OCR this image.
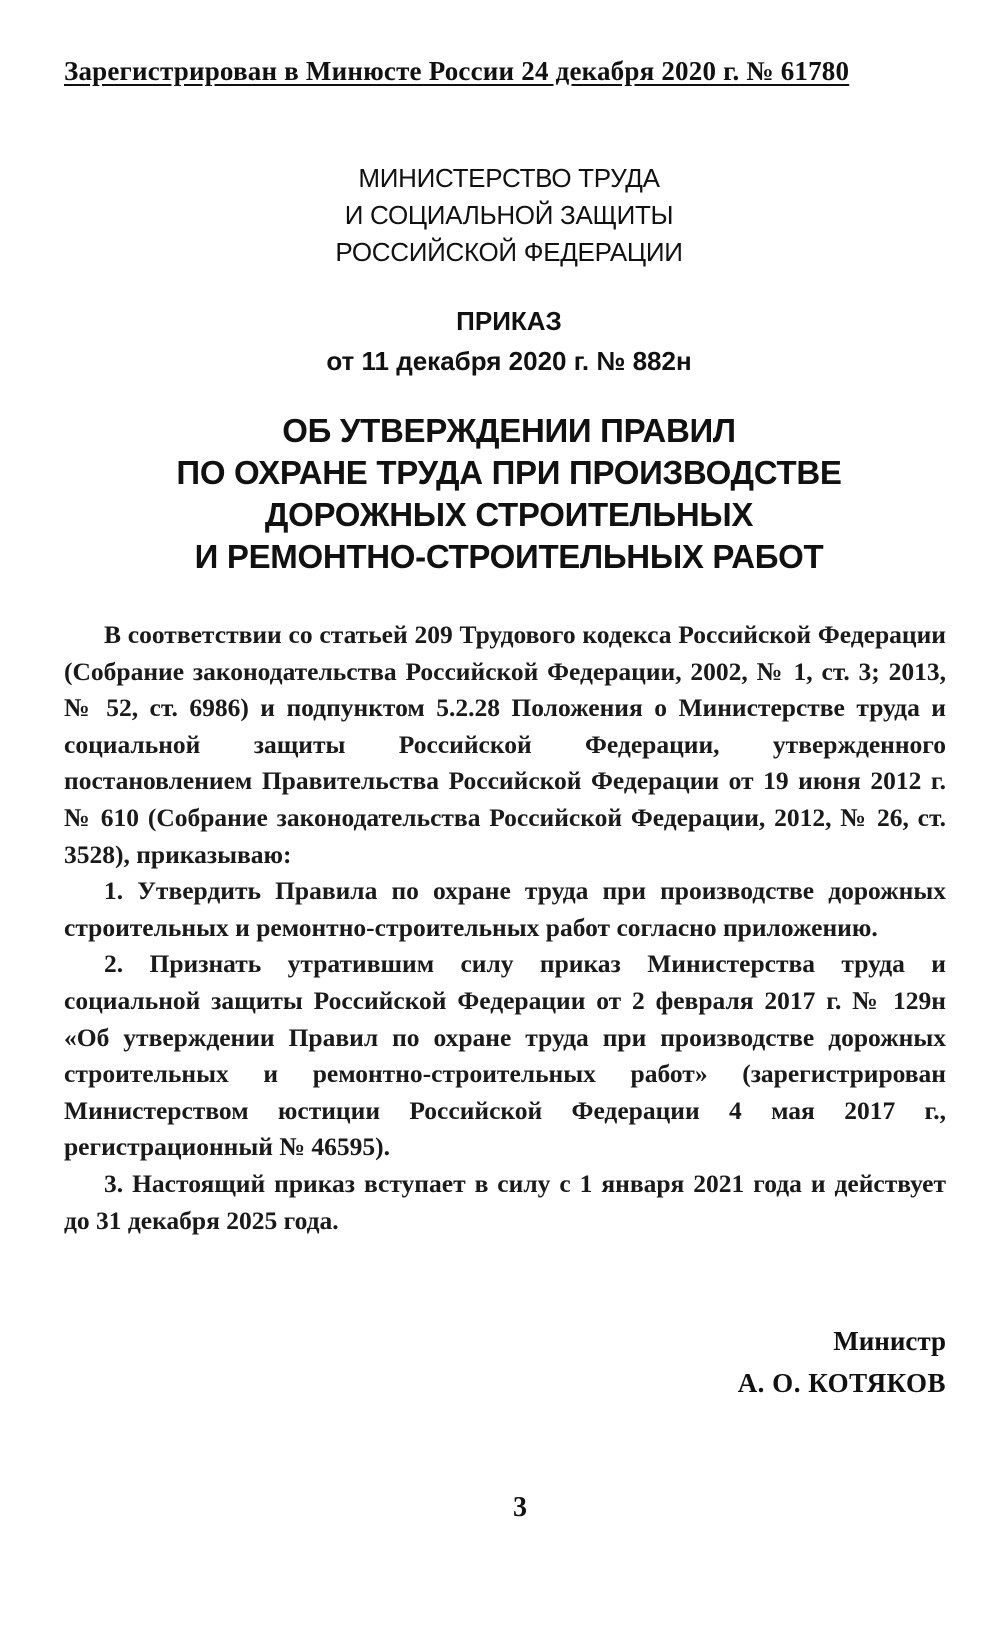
Зарегистрирован в Минюсте России 24 декабря 2020 г. № 61780
МИНИСТЕРСТВО ТРУДА
И СОЦИАЛЬНОЙ ЗАЩИТЫ
РОССИЙСКОЙ ФЕДЕРАЦИИ
ПРИКАЗ
от 11 декабря 2020 г. № 882н
ОБ УТВЕРЖДЕНИИ ПРАВИЛ
ПО ОХРАНЕ ТРУДА ПРИ ПРОИЗВОДСТВЕ
ДОРОЖНЫХ СТРОИТЕЛЬНЫХ
И РЕМОНТНО-СТРОИТЕЛЬНЫХ РАБОТ

В соответствии со статьей 209 Трудового кодекса Российской Федерации (Собрание законодательства Российской Федерации, 2002, № 1, ст. 3; 2013, № 52, ст. 6986) и подпунктом 5.2.28 Положения о Министерстве труда и социальной защиты Российской Федерации, утвержденного постановлением Правительства Российской Федерации от 19 июня 2012 г. № 610 (Собрание законодательства Российской Федерации, 2012, № 26, ст. 3528), приказываю:

1. Утвердить Правила по охране труда при производстве дорожных строительных и ремонтно-строительных работ согласно приложению.

2. Признать утратившим силу приказ Министерства труда и социальной защиты Российской Федерации от 2 февраля 2017 г. № 129н «Об утверждении Правил по охране труда при производстве дорожных строительных и ремонтно-строительных работ» (зарегистрирован Министерством юстиции Российской Федерации 4 мая 2017 г., регистрационный № 46595).

3. Настоящий приказ вступает в силу с 1 января 2021 года и действует до 31 декабря 2025 года.

Министр
А. О. КОТЯКОВ
3
